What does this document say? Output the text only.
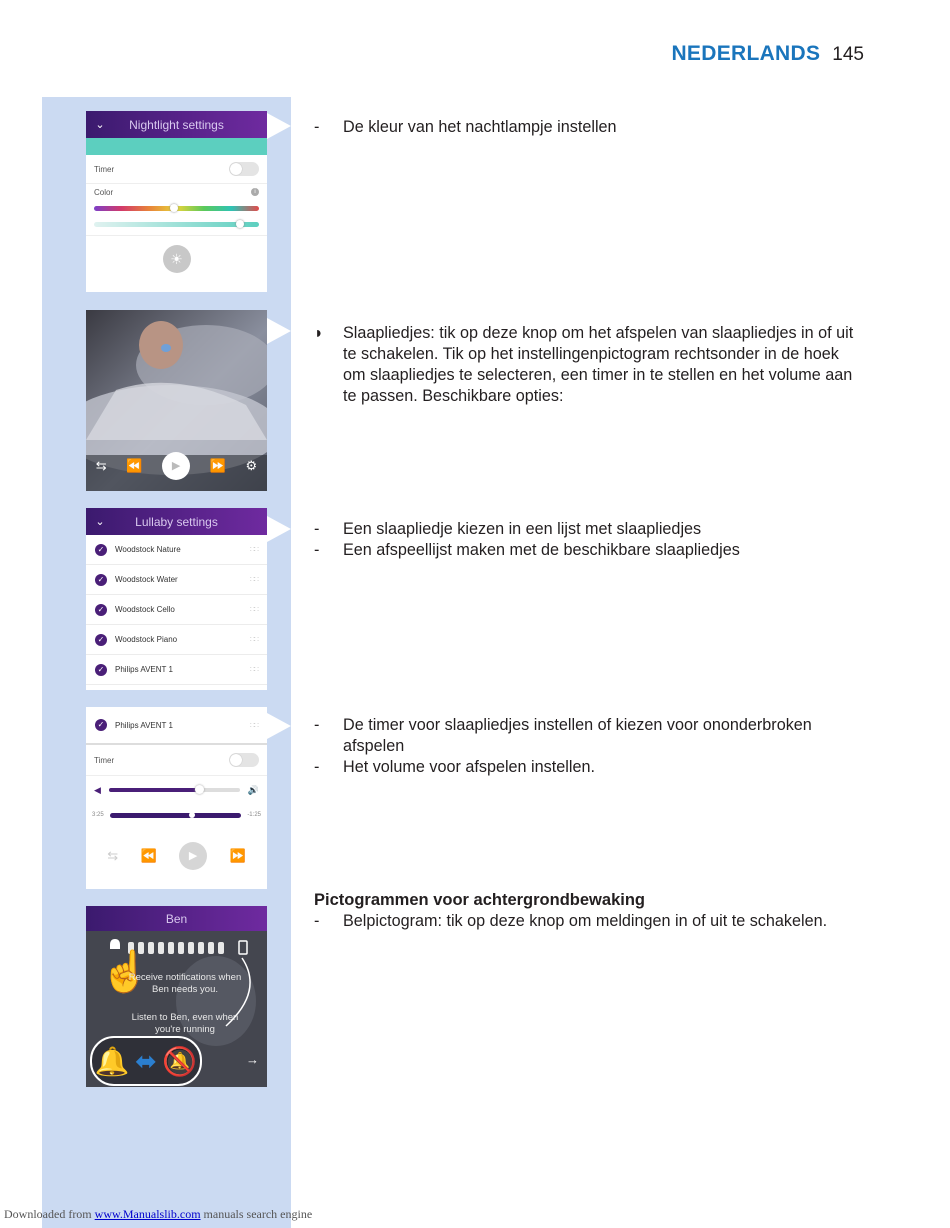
NEDERLANDS 145
⌄	Nightlight settings
Timer
Color	i
☀
⇆ ⏪	▶	⏩ ⚙
⌄	Lullaby settings
✓	Woodstock Nature	∷∷
✓	Woodstock Water	∷∷
✓	Woodstock Cello	∷∷
✓	Woodstock Piano	∷∷
✓	Philips AVENT 1	∷∷
✓	Philips AVENT 1	∷∷
Timer
◀	🔊
3:25	-1:25
⇆ ⏪	▶	⏩
Ben
☝
Receive notifications when Ben needs you.
Listen to Ben, even when you're running
🔔 ⬌ 🔕	→
-	De kleur van het nachtlampje instellen
◗	Slaapliedjes: tik op deze knop om het afspelen van slaapliedjes in of uit te schakelen. Tik op het instellingenpictogram rechtsonder in de hoek om slaapliedjes te selecteren, een timer in te stellen en het volume aan te passen. Beschikbare opties:
-	Een slaapliedje kiezen in een lijst met slaapliedjes
-	Een afspeellijst maken met de beschikbare slaapliedjes
-	De timer voor slaapliedjes instellen of kiezen voor ononderbroken afspelen
-	Het volume voor afspelen instellen.
Pictogrammen voor achtergrondbewaking
-	Belpictogram: tik op deze knop om meldingen in of uit te schakelen.
Downloaded from www.Manualslib.com manuals search engine
